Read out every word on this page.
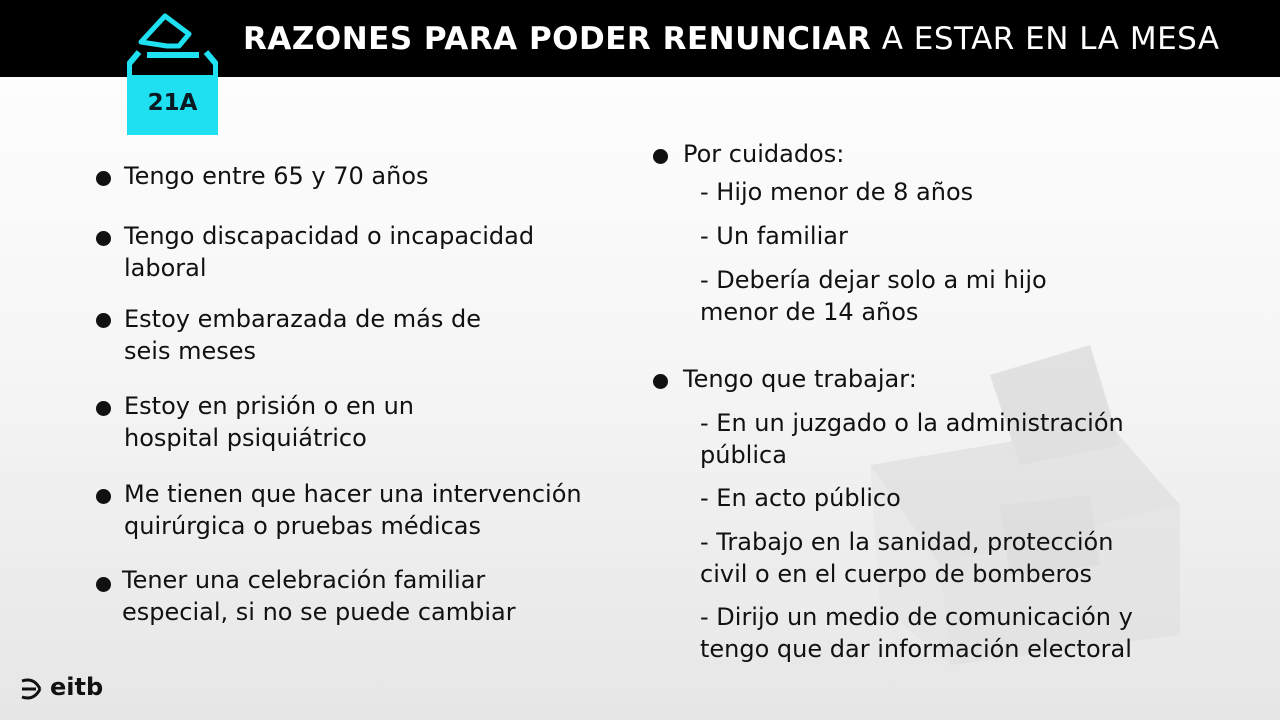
RAZONES PARA PODER RENUNCIAR A ESTAR EN LA MESA
21A
Tengo entre 65 y 70 años
Tengo discapacidad o incapacidad
laboral
Estoy embarazada de más de
seis meses
Estoy en prisión o en un
hospital psiquiátrico
Me tienen que hacer una intervención
quirúrgica o pruebas médicas
Tener una celebración familiar
especial, si no se puede cambiar
Por cuidados:
- Hijo menor de 8 años
- Un familiar
- Debería dejar solo a mi hijo
menor de 14 años
Tengo que trabajar:
- En un juzgado o la administración
pública
- En acto público
- Trabajo en la sanidad, protección
civil o en el cuerpo de bomberos
- Dirijo un medio de comunicación y
tengo que dar información electoral
eitb
